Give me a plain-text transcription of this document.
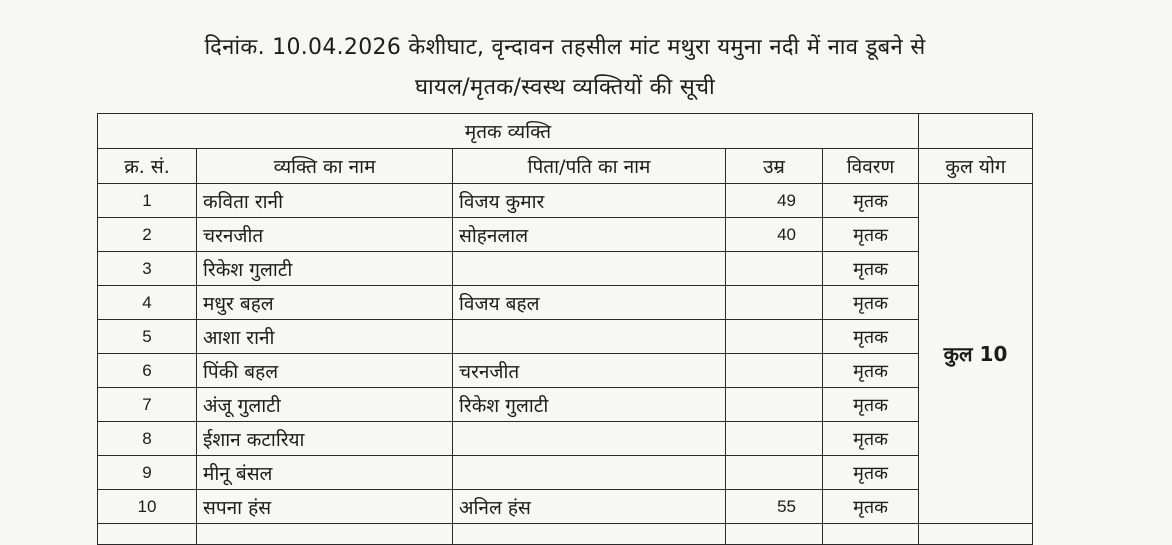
दिनांक. 10.04.2026 केशीघाट, वृन्दावन तहसील मांट मथुरा यमुना नदी में नाव डूबने से
घायल/मृतक/स्वस्थ व्यक्तियों की सूची
मृतक व्यक्ति					
क्र. सं.	व्यक्ति का नाम	पिता/पति का नाम	उम्र	विवरण	कुल योग
1	कविता रानी	विजय कुमार	49	मृतक	कुल 10
2	चरनजीत	सोहनलाल	40	मृतक	
3	रिकेश गुलाटी			मृतक	
4	मधुर बहल	विजय बहल		मृतक	
5	आशा रानी			मृतक	
6	पिंकी बहल	चरनजीत		मृतक	
7	अंजू गुलाटी	रिकेश गुलाटी		मृतक	
8	ईशान कटारिया			मृतक	
9	मीनू बंसल			मृतक	
10	सपना हंस	अनिल हंस	55	मृतक	
